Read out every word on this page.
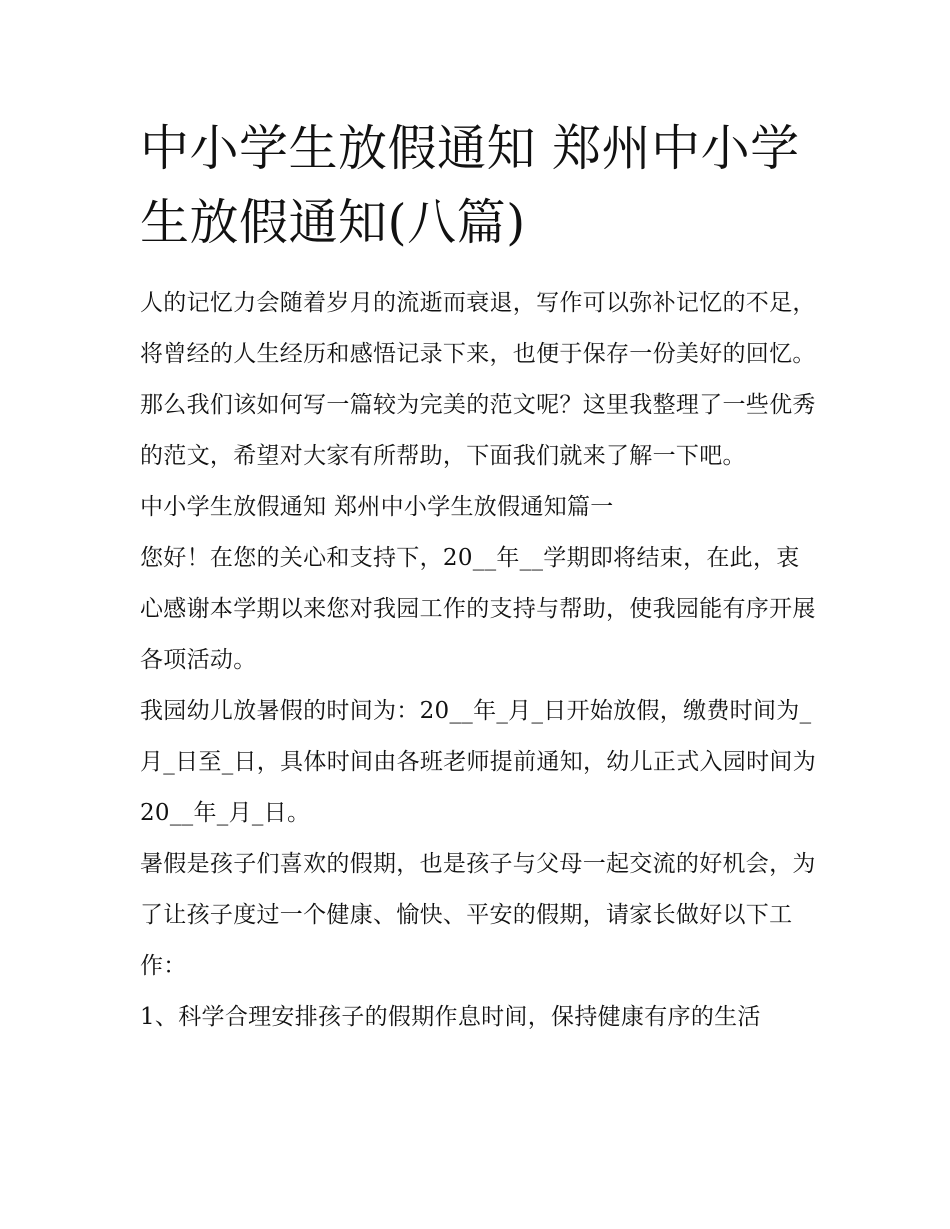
中小学生放假通知 郑州中小学生放假通知(八篇)

人的记忆力会随着岁月的流逝而衰退，写作可以弥补记忆的不足，将曾经的人生经历和感悟记录下来，也便于保存一份美好的回忆。那么我们该如何写一篇较为完美的范文呢？这里我整理了一些优秀的范文，希望对大家有所帮助，下面我们就来了解一下吧。

中小学生放假通知 郑州中小学生放假通知篇一

您好！在您的关心和支持下，20__年__学期即将结束，在此，衷心感谢本学期以来您对我园工作的支持与帮助，使我园能有序开展各项活动。

我园幼儿放暑假的时间为：20__年_月_日开始放假，缴费时间为_月_日至_日，具体时间由各班老师提前通知，幼儿正式入园时间为20__年_月_日。

暑假是孩子们喜欢的假期，也是孩子与父母一起交流的好机会，为了让孩子度过一个健康、愉快、平安的假期，请家长做好以下工作：

1、科学合理安排孩子的假期作息时间，保持健康有序的生活
